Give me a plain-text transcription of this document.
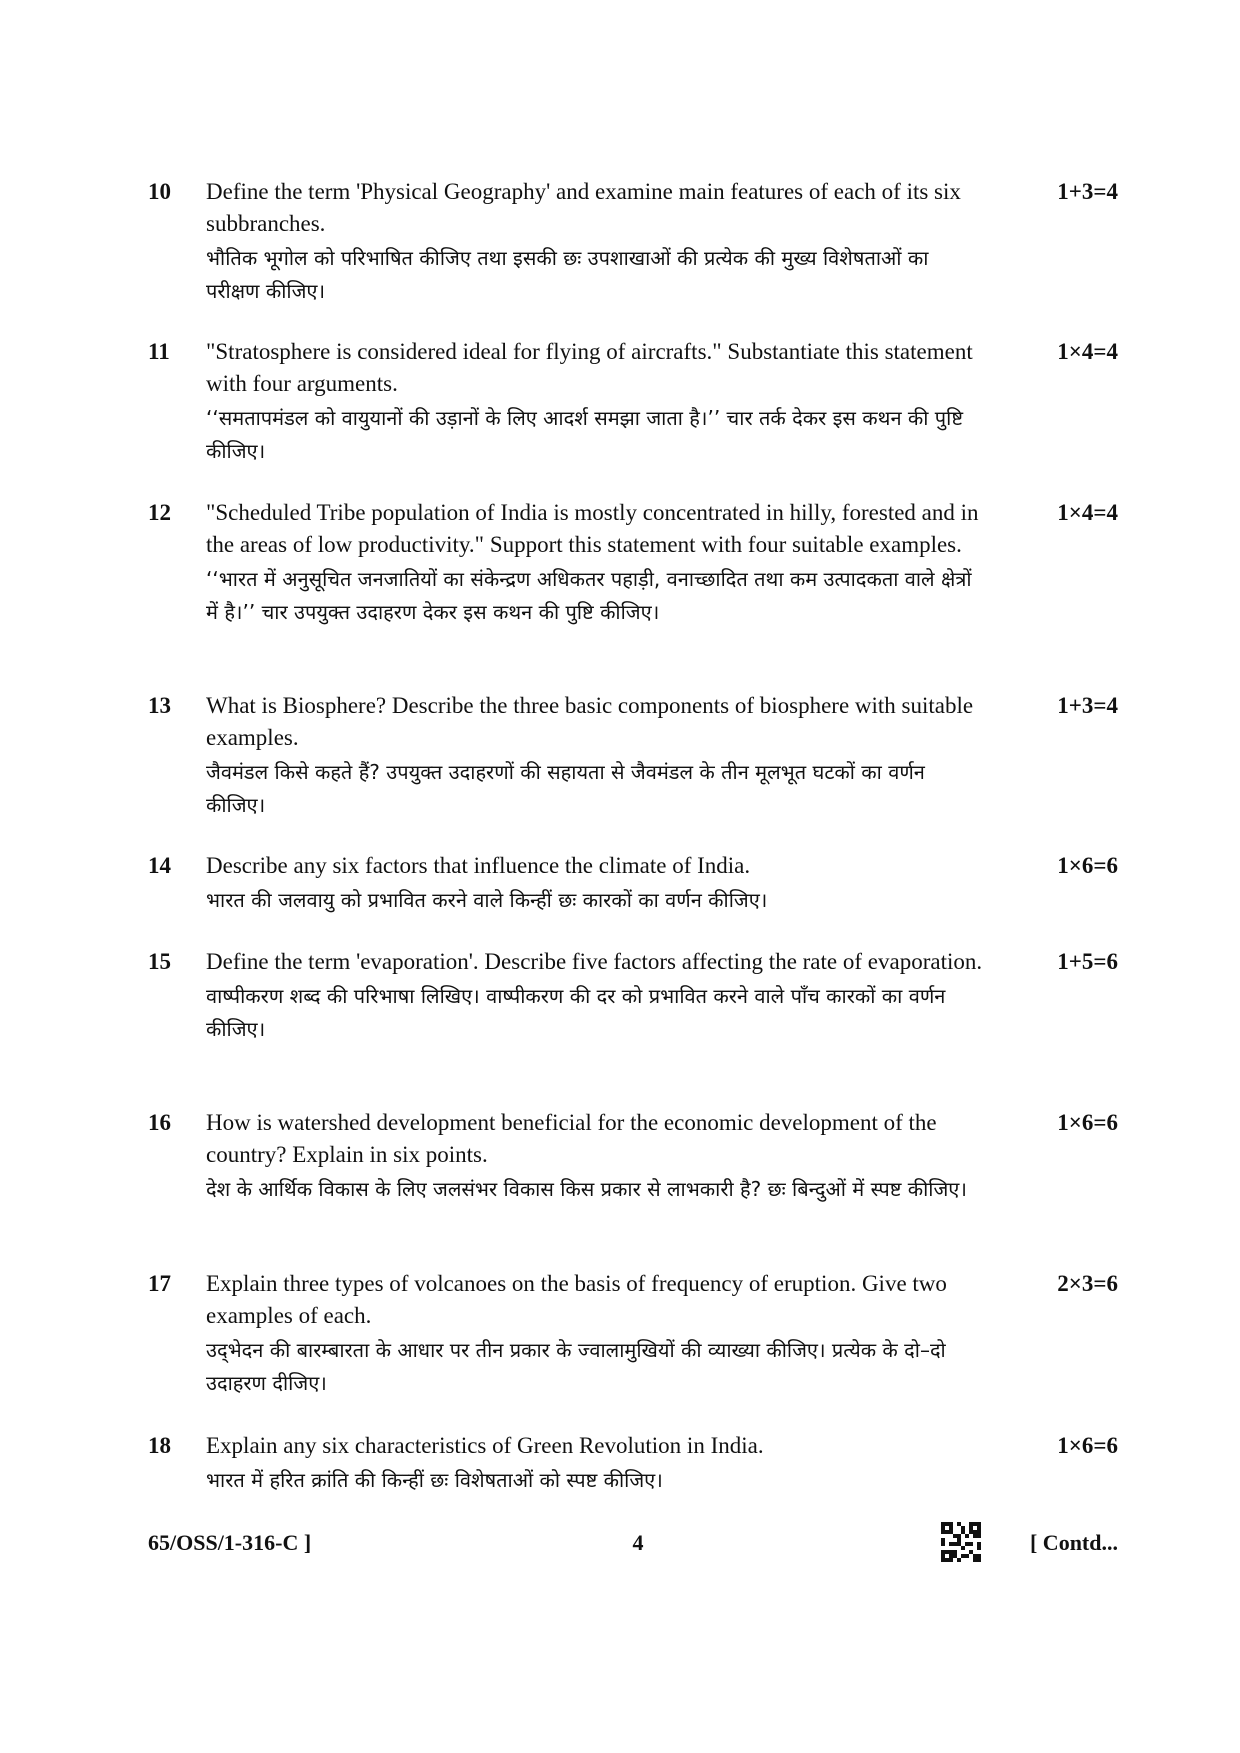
10	Define the term 'Physical Geography' and examine main features of each of its six subbranches.

भौतिक भूगोल को परिभाषित कीजिए तथा इसकी छः उपशाखाओं की प्रत्येक की मुख्य विशेषताओं का परीक्षण कीजिए।

1+3=4
11	"Stratosphere is considered ideal for flying of aircrafts." Substantiate this statement with four arguments.

‘‘समतापमंडल को वायुयानों की उड़ानों के लिए आदर्श समझा जाता है।’’ चार तर्क देकर इस कथन की पुष्टि कीजिए।

1×4=4
12	"Scheduled Tribe population of India is mostly concentrated in hilly, forested and in the areas of low productivity." Support this statement with four suitable examples.

‘‘भारत में अनुसूचित जनजातियों का संकेन्द्रण अधिकतर पहाड़ी, वनाच्छादित तथा कम उत्पादकता वाले क्षेत्रों में है।’’ चार उपयुक्त उदाहरण देकर इस कथन की पुष्टि कीजिए।

1×4=4
13	What is Biosphere? Describe the three basic components of biosphere with suitable examples.

जैवमंडल किसे कहते हैं? उपयुक्त उदाहरणों की सहायता से जैवमंडल के तीन मूलभूत घटकों का वर्णन कीजिए।

1+3=4
14	Describe any six factors that influence the climate of India.

भारत की जलवायु को प्रभावित करने वाले किन्हीं छः कारकों का वर्णन कीजिए।

1×6=6
15	Define the term 'evaporation'. Describe five factors affecting the rate of evaporation.

वाष्पीकरण शब्द की परिभाषा लिखिए। वाष्पीकरण की दर को प्रभावित करने वाले पाँच कारकों का वर्णन कीजिए।

1+5=6
16	How is watershed development beneficial for the economic development of the country? Explain in six points.

देश के आर्थिक विकास के लिए जलसंभर विकास किस प्रकार से लाभकारी है? छः बिन्दुओं में स्पष्ट कीजिए।

1×6=6
17	Explain three types of volcanoes on the basis of frequency of eruption. Give two examples of each.

उद्‌भेदन की बारम्बारता के आधार पर तीन प्रकार के ज्वालामुखियों की व्याख्या कीजिए। प्रत्येक के दो–दो उदाहरण दीजिए।

2×3=6
18	Explain any six characteristics of Green Revolution in India.

भारत में हरित क्रांति की किन्हीं छः विशेषताओं को स्पष्ट कीजिए।

1×6=6
65/OSS/1-316-C ]	4	[ Contd...
